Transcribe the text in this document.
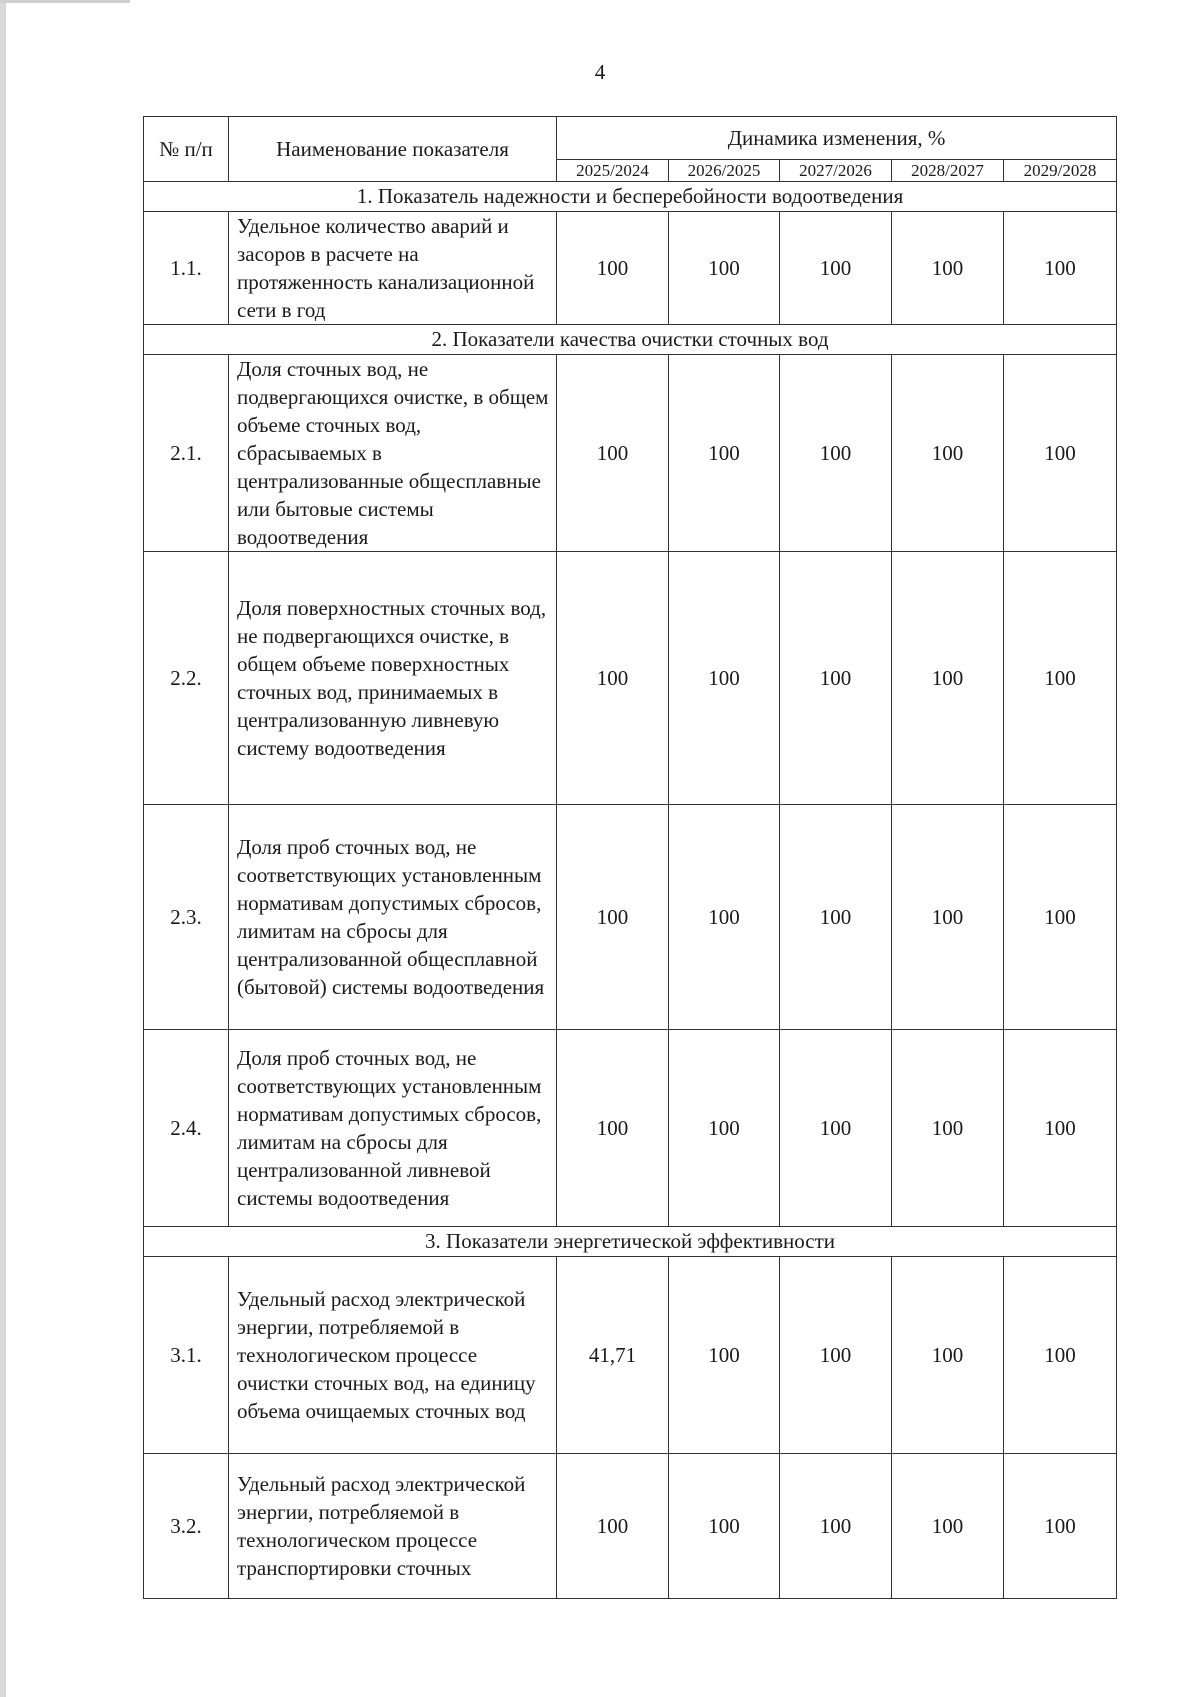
4
№ п/п	Наименование показателя	Динамика изменения, %				
		2025/2024	2026/2025	2027/2026	2028/2027	2029/2028
1. Показатель надежности и бесперебойности водоотведения						
1.1.	Удельное количество аварий и засоров в расчете на протяженность канализационной сети в год	100	100	100	100	100
2. Показатели качества очистки сточных вод						
2.1.	Доля сточных вод, не подвергающихся очистке, в общем объеме сточных вод, сбрасываемых в централизованные общесплавные или бытовые системы водоотведения	100	100	100	100	100
2.2.	Доля поверхностных сточных вод, не подвергающихся очистке, в общем объеме поверхностных сточных вод, принимаемых в централизованную ливневую систему водоотведения	100	100	100	100	100
2.3.	Доля проб сточных вод, не соответствующих установленным нормативам допустимых сбросов, лимитам на сбросы для централизованной общесплавной (бытовой) системы водоотведения	100	100	100	100	100
2.4.	Доля проб сточных вод, не соответствующих установленным нормативам допустимых сбросов, лимитам на сбросы для централизованной ливневой системы водоотведения	100	100	100	100	100
3. Показатели энергетической эффективности						
3.1.	Удельный расход электрической энергии, потребляемой в технологическом процессе очистки сточных вод, на единицу объема очищаемых сточных вод	41,71	100	100	100	100
3.2.	Удельный расход электрической энергии, потребляемой в технологическом процессе транспортировки сточных	100	100	100	100	100
